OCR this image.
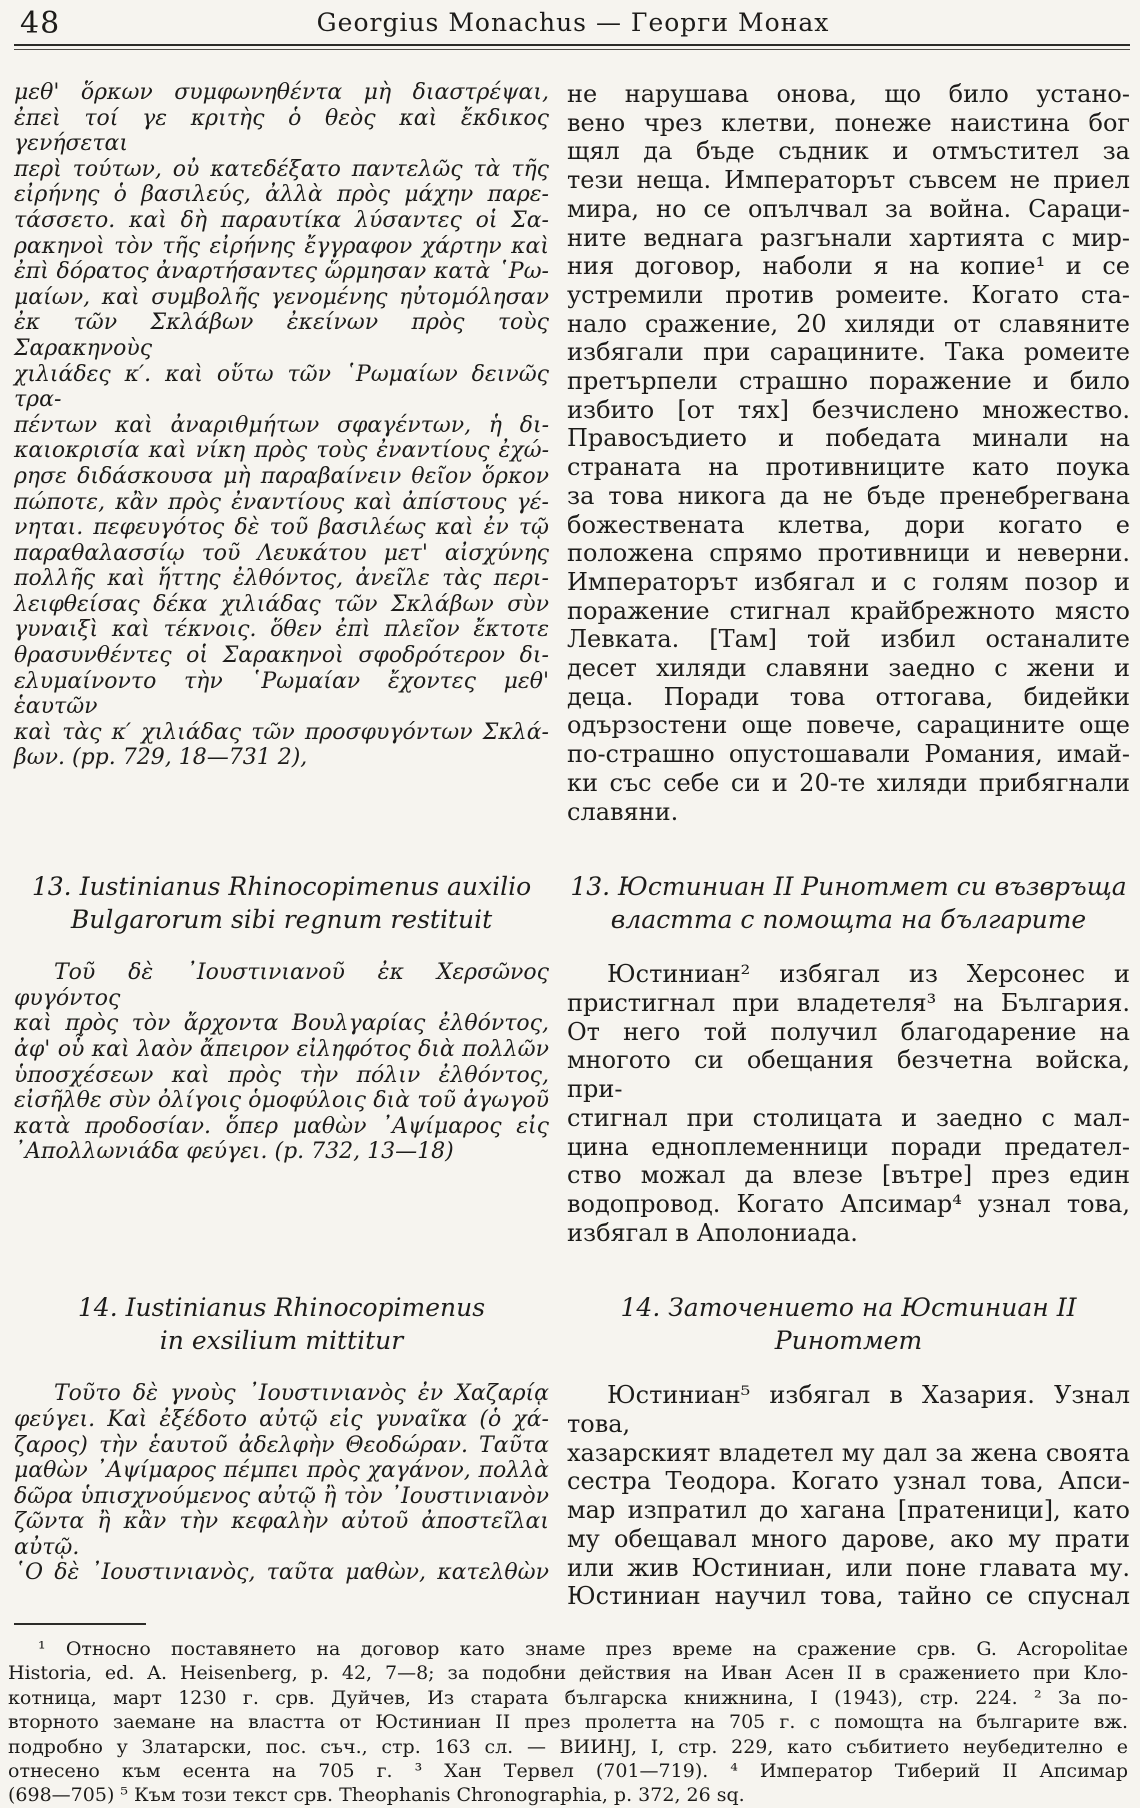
48	Georgius Monachus — Георги Монах
μεθ' ὅρκων συμφωνηθέντα μὴ διαστρέψαι,
ἐπεὶ τοί γε κριτὴς ὁ θεὸς καὶ ἔκδικος γενήσεται
περὶ τούτων, οὐ κατεδέξατο παντελῶς τὰ τῆς
εἰρήνης ὁ βασιλεύς, ἀλλὰ πρὸς μάχην παρε-
τάσσετο. καὶ δὴ παραυτίκα λύσαντες οἱ Σα-
ρακηνοὶ τὸν τῆς εἰρήνης ἔγγραφον χάρτην καὶ
ἐπὶ δόρατος ἀναρτήσαντες ὥρμησαν κατὰ ῾Ρω-
μαίων, καὶ συμβολῆς γενομένης ηὐτομόλησαν
ἐκ τῶν Σκλάβων ἐκείνων πρὸς τοὺς Σαρακηνοὺς
χιλιάδες κ′. καὶ οὕτω τῶν ῾Ρωμαίων δεινῶς τρα-
πέντων καὶ ἀναριθμήτων σφαγέντων, ἡ δι-
καιοκρισία καὶ νίκη πρὸς τοὺς ἐναντίους ἐχώ-
ρησε διδάσκουσα μὴ παραβαίνειν θεῖον ὅρκον
πώποτε, κἂν πρὸς ἐναντίους καὶ ἀπίστους γέ-
νηται. πεφευγότος δὲ τοῦ βασιλέως καὶ ἐν τῷ
παραθαλασσίῳ τοῦ Λευκάτου μετ' αἰσχύνης
πολλῆς καὶ ἥττης ἐλθόντος, ἀνεῖλε τὰς περι-
λειφθείσας δέκα χιλιάδας τῶν Σκλάβων σὺν
γυναιξὶ καὶ τέκνοις. ὅθεν ἐπὶ πλεῖον ἔκτοτε
θρασυνθέντες οἱ Σαρακηνοὶ σφοδρότερον δι-
ελυμαίνοντο τὴν ῾Ρωμαίαν ἔχοντες μεθ' ἑαυτῶν
καὶ τὰς κ′ χιλιάδας τῶν προσφυγόντων Σκλά-
βων. (pp. 729, 18—731 2),
не нарушава онова, що било устано-
вено чрез клетви, понеже наистина бог
щял да бъде съдник и отмъстител за
тези неща. Императорът съвсем не приел
мира, но се опълчвал за война. Сараци-
ните веднага разгънали хартията с мир-
ния договор, наболи я на копие¹ и се
устремили против ромеите. Когато ста-
нало сражение, 20 хиляди от славяните
избягали при сарацините. Така ромеите
претърпели страшно поражение и било
избито [от тях] безчислено множество.
Правосъдието и победата минали на
страната на противниците като поука
за това никога да не бъде пренебрегвана
божествената клетва, дори когато е
положена спрямо противници и неверни.
Императорът избягал и с голям позор и
поражение стигнал крайбрежното място
Левката. [Там] той избил останалите
десет хиляди славяни заедно с жени и
деца. Поради това оттогава, бидейки
одързостени още повече, сарацините още
по-страшно опустошавали Романия, имай-
ки със себе си и 20-те хиляди прибягнали
славяни.
13. Iustinianus Rhinocopimenus auxilio
Bulgarorum sibi regnum restituit
13. Юстиниан II Ринотмет си възвръща
властта с помощта на българите
Τοῦ δὲ ᾽Ιουστινιανοῦ ἐκ Χερσῶνος φυγόντος
καὶ πρὸς τὸν ἄρχοντα Βουλγαρίας ἐλθόντος,
ἀφ' οὗ καὶ λαὸν ἄπειρον εἰληφότος διὰ πολλῶν
ὑποσχέσεων καὶ πρὸς τὴν πόλιν ἐλθόντος,
εἰσῆλθε σὺν ὀλίγοις ὁμοφύλοις διὰ τοῦ ἀγωγοῦ
κατὰ προδοσίαν. ὅπερ μαθὼν ᾽Αψίμαρος εἰς
᾽Απολλωνιάδα φεύγει. (p. 732, 13—18)
Юстиниан² избягал из Херсонес и
пристигнал при владетеля³ на България.
От него той получил благодарение на
многото си обещания безчетна войска, при-
стигнал при столицата и заедно с мал-
цина едноплеменници поради предател-
ство можал да влезе [вътре] през един
водопровод. Когато Апсимар⁴ узнал това,
избягал в Аполониада.
14. Iustinianus Rhinocopimenus
in exsilium mittitur
14. Заточението на Юстиниан II
Ринотмет
Τοῦτο δὲ γνοὺς ᾽Ιουστινιανὸς ἐν Χαζαρίᾳ
φεύγει. Καὶ ἐξέδοτο αὐτῷ εἰς γυναῖκα (ὁ χά-
ζαρος) τὴν ἑαυτοῦ ἀδελφὴν Θεοδώραν. Ταῦτα
μαθὼν ᾽Αψίμαρος πέμπει πρὸς χαγάνον, πολλὰ
δῶρα ὑπισχνούμενος αὐτῷ ἢ τὸν ᾽Ιουστινιανὸν
ζῶντα ἢ κἂν τὴν κεφαλὴν αὐτοῦ ἀποστεῖλαι αὐτῷ.
῾Ο δὲ ᾽Ιουστινιανὸς, ταῦτα μαθὼν, κατελθὼν
Юстиниан⁵ избягал в Хазария. Узнал това,
хазарският владетел му дал за жена своята
сестра Теодора. Когато узнал това, Апси-
мар изпратил до хагана [пратеници], като
му обещавал много дарове, ако му прати
или жив Юстиниан, или поне главата му.
Юстиниан научил това, тайно се спуснал
¹ Относно поставянето на договор като знаме през време на сражение срв. G. Acropolitae
Historia, ed. A. Heisenberg, p. 42, 7—8; за подобни действия на Иван Асен II в сражението при Кло-
котница, март 1230 г. срв. Дуйчев, Из старата българска книжнина, I (1943), стр. 224. ² За по-
вторното заемане на властта от Юстиниан II през пролетта на 705 г. с помощта на българите вж.
подробно у Златарски, пос. съч., стр. 163 сл. — ВИИНЈ, I, стр. 229, като събитието неубедително е
отнесено към есента на 705 г. ³ Хан Тервел (701—719). ⁴ Император Тиберий II Апсимар
(698—705) ⁵ Към този текст срв. Theophanis Chronographia, p. 372, 26 sq.
